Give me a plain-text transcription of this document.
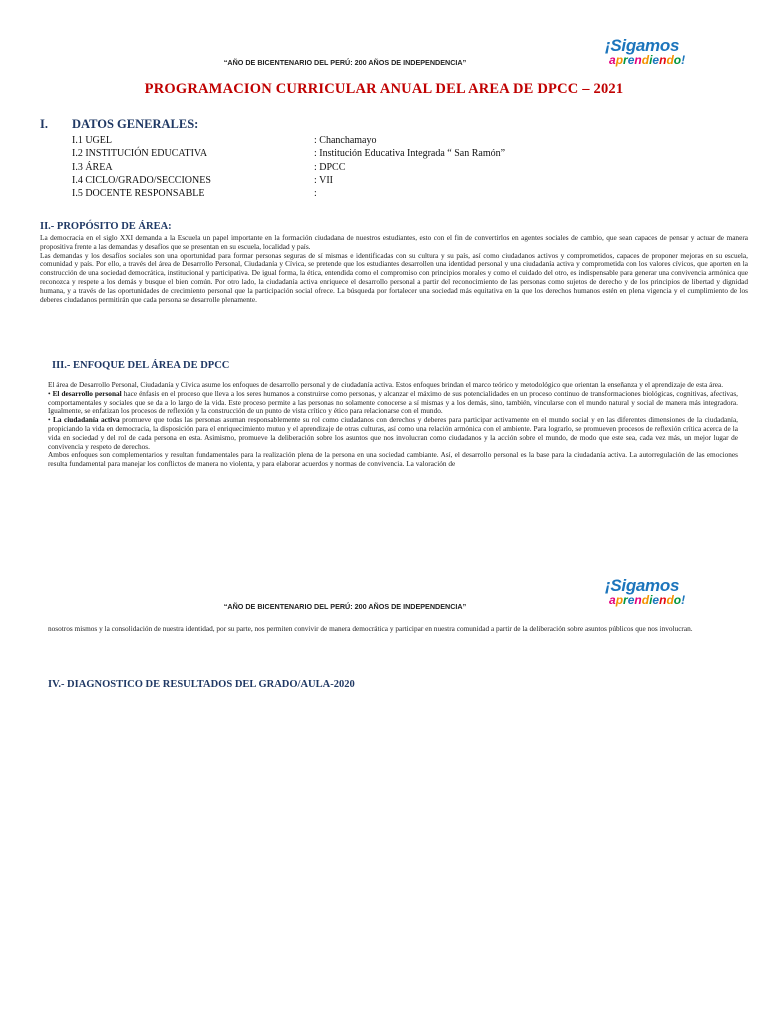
“AÑO DE BICENTENARIO DEL PERÚ: 200 AÑOS DE INDEPENDENCIA”
¡Sigamos
aprendiendo!
PROGRAMACION CURRICULAR ANUAL DEL AREA DE DPCC – 2021
I. DATOS GENERALES:
I.1 UGEL	: Chanchamayo
I.2 INSTITUCIÓN EDUCATIVA	: Institución Educativa Integrada “ San Ramón”
I.3 ÁREA	: DPCC
I.4 CICLO/GRADO/SECCIONES	: VII
I.5 DOCENTE RESPONSABLE	:
II.- PROPÓSITO DE ÁREA:
La democracia en el siglo XXI demanda a la Escuela un papel importante en la formación ciudadana de nuestros estudiantes, esto con el fin de convertirlos en agentes sociales de cambio, que sean capaces de pensar y actuar de manera propositiva frente a las demandas y desafíos que se presentan en su escuela, localidad y país.
Las demandas y los desafíos sociales son una oportunidad para formar personas seguras de sí mismas e identificadas con su cultura y su país, así como ciudadanos activos y comprometidos, capaces de proponer mejoras en su escuela, comunidad y país. Por ello, a través del área de Desarrollo Personal, Ciudadanía y Cívica, se pretende que los estudiantes desarrollen una identidad personal y una ciudadanía activa y comprometida con los valores cívicos, que aporten en la construcción de una sociedad democrática, institucional y participativa. De igual forma, la ética, entendida como el compromiso con principios morales y como el cuidado del otro, es indispensable para generar una convivencia armónica que reconozca y respete a los demás y busque el bien común. Por otro lado, la ciudadanía activa enriquece el desarrollo personal a partir del reconocimiento de las personas como sujetos de derecho y de los principios de libertad y dignidad humana, y a través de las oportunidades de crecimiento personal que la participación social ofrece. La búsqueda por fortalecer una sociedad más equitativa en la que los derechos humanos estén en plena vigencia y el cumplimiento de los deberes ciudadanos permitirán que cada persona se desarrolle plenamente.
III.- ENFOQUE DEL ÁREA DE DPCC

El área de Desarrollo Personal, Ciudadanía y Cívica asume los enfoques de desarrollo personal y de ciudadanía activa. Estos enfoques brindan el marco teórico y metodológico que orientan la enseñanza y el aprendizaje de esta área.

• El desarrollo personal hace énfasis en el proceso que lleva a los seres humanos a construirse como personas, y alcanzar el máximo de sus potencialidades en un proceso continuo de transformaciones biológicas, cognitivas, afectivas, comportamentales y sociales que se da a lo largo de la vida. Este proceso permite a las personas no solamente conocerse a sí mismas y a los demás, sino, también, vincularse con el mundo natural y social de manera más integradora. Igualmente, se enfatizan los procesos de reflexión y la construcción de un punto de vista crítico y ético para relacionarse con el mundo.

• La ciudadanía activa promueve que todas las personas asuman responsablemente su rol como ciudadanos con derechos y deberes para participar activamente en el mundo social y en las diferentes dimensiones de la ciudadanía, propiciando la vida en democracia, la disposición para el enriquecimiento mutuo y el aprendizaje de otras culturas, así como una relación armónica con el ambiente. Para lograrlo, se promueven procesos de reflexión crítica acerca de la vida en sociedad y del rol de cada persona en esta. Asimismo, promueve la deliberación sobre los asuntos que nos involucran como ciudadanos y la acción sobre el mundo, de modo que este sea, cada vez más, un mejor lugar de convivencia y respeto de derechos.

Ambos enfoques son complementarios y resultan fundamentales para la realización plena de la persona en una sociedad cambiante. Así, el desarrollo personal es la base para la ciudadanía activa. La autorregulación de las emociones resulta fundamental para manejar los conflictos de manera no violenta, y para elaborar acuerdos y normas de convivencia. La valoración de

“AÑO DE BICENTENARIO DEL PERÚ: 200 AÑOS DE INDEPENDENCIA”
¡Sigamos
aprendiendo!
nosotros mismos y la consolidación de nuestra identidad, por su parte, nos permiten convivir de manera democrática y participar en nuestra comunidad a partir de la deliberación sobre asuntos públicos que nos involucran.
IV.- DIAGNOSTICO DE RESULTADOS DEL GRADO/AULA-2020
